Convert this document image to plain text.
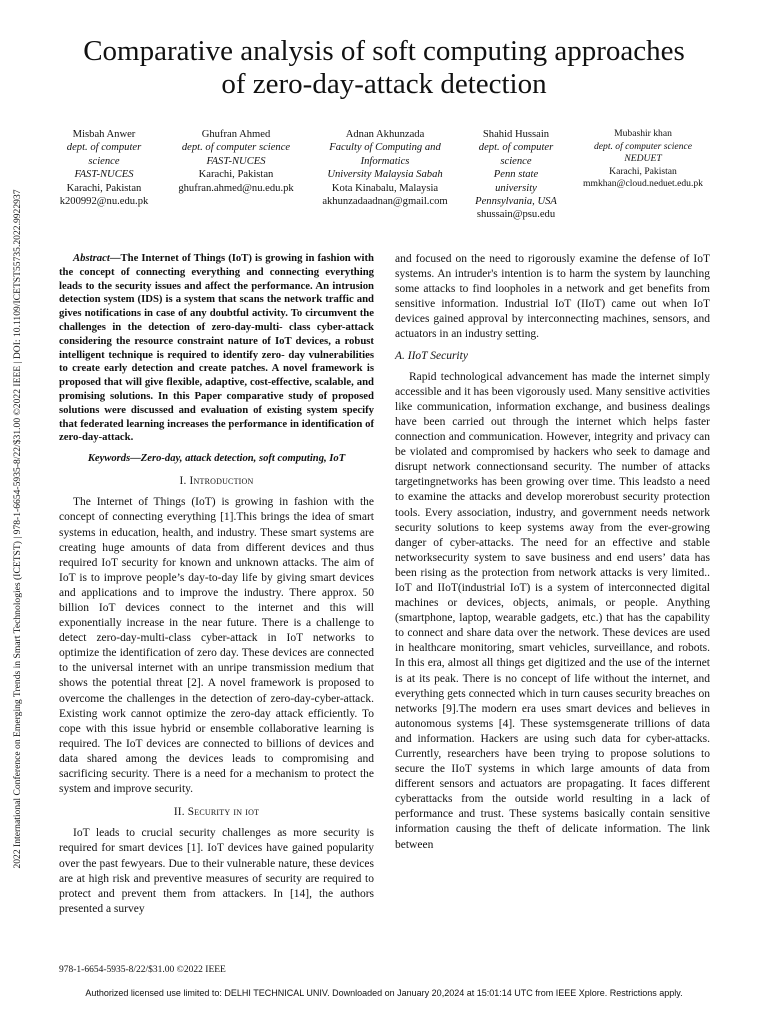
2022 International Conference on Emerging Trends in Smart Technologies (ICETST) | 978-1-6654-5935-8/22/$31.00 ©2022 IEEE | DOI: 10.1109/ICETST55735.2022.9922937
Comparative analysis of soft computing approaches
of zero-day-attack detection
Misbah Anwer
dept. of computer
science
FAST-NUCES
Karachi, Pakistan
k200992@nu.edu.pk
Ghufran Ahmed
dept. of computer science
FAST-NUCES
Karachi, Pakistan
ghufran.ahmed@nu.edu.pk
Adnan Akhunzada
Faculty of Computing and
Informatics
University Malaysia Sabah
Kota Kinabalu, Malaysia
akhunzadaadnan@gmail.com
Shahid Hussain
dept. of computer
science
Penn state
university
Pennsylvania, USA
shussain@psu.edu
Mubashir khan
dept. of computer science
NEDUET
Karachi, Pakistan
mmkhan@cloud.neduet.edu.pk

Abstract—The Internet of Things (IoT) is growing in fashion with the concept of connecting everything and connecting everything leads to the security issues and affect the performance. An intrusion detection system (IDS) is a system that scans the network traffic and gives notifications in case of any doubtful activity. To circumvent the challenges in the detection of zero-day-multi- class cyber-attack considering the resource constraint nature of IoT devices, a robust intelligent technique is required to identify zero- day vulnerabilities to create early detection and create patches. A novel framework is proposed that will give flexible, adaptive, cost-effective, scalable, and promising solutions. In this Paper comparative study of proposed solutions were discussed and evaluation of existing system specify that federated learning increases the performance in identification of zero-day-attack.

Keywords—Zero-day, attack detection, soft computing, IoT

I. Introduction

The Internet of Things (IoT) is growing in fashion with the concept of connecting everything [1].This brings the idea of smart systems in education, health, and industry. These smart systems are creating huge amounts of data from different devices and thus required IoT security for known and unknown attacks. The aim of IoT is to improve people’s day-to-day life by giving smart devices and applications and to improve the industry. There approx. 50 billion IoT devices connect to the internet and this will exponentially increase in the near future. There is a challenge to detect zero-day-multi-class cyber-attack in IoT networks to optimize the identification of zero day. These devices are connected to the universal internet with an unripe transmission medium that shows the potential threat [2]. A novel framework is proposed to overcome the challenges in the detection of zero-day-cyber-attack. Existing work cannot optimize the zero-day attack efficiently. To cope with this issue hybrid or ensemble collaborative learning is required. The IoT devices are connected to billions of devices and data shared among the devices leads to compromising and sacrificing security. There is a need for a mechanism to protect the system and improve security.

II. Security in iot

IoT leads to crucial security challenges as more security is required for smart devices [1]. IoT devices have gained popularity over the past fewyears. Due to their vulnerable nature, these devices are at high risk and preventive measures of security are required to protect and prevent them from attackers. In [14], the authors presented a survey

and focused on the need to rigorously examine the defense of IoT systems. An intruder's intention is to harm the system by launching some attacks to find loopholes in a network and get benefits from sensitive information. Industrial IoT (IIoT) came out when IoT devices gained approval by interconnecting machines, sensors, and actuators in an industry setting.

A. IIoT Security

Rapid technological advancement has made the internet simply accessible and it has been vigorously used. Many sensitive activities like communication, information exchange, and business dealings have been carried out through the internet which helps faster connection and communication. However, integrity and privacy can be violated and compromised by hackers who seek to damage and disrupt network connectionsand security. The number of attacks targetingnetworks has been growing over time. This leadsto a need to examine the attacks and develop morerobust security protection tools. Every association, industry, and government needs network security solutions to keep systems away from the ever-growing danger of cyber-attacks. The need for an effective and stable networksecurity system to save business and end users’ data has been rising as the protection from network attacks is very limited.. IoT and IIoT(industrial IoT) is a system of interconnected digital machines or devices, objects, animals, or people. Anything (smartphone, laptop, wearable gadgets, etc.) that has the capability to connect and share data over the network. These devices are used in healthcare monitoring, smart vehicles, surveillance, and robots. In this era, almost all things get digitized and the use of the internet is at its peak. There is no concept of life without the internet, and everything gets connected which in turn causes security breaches on networks [9].The modern era uses smart devices and believes in autonomous systems [4]. These systemsgenerate trillions of data and information. Hackers are using such data for cyber-attacks. Currently, researchers have been trying to propose solutions to secure the IIoT systems in which large amounts of data from different sensors and actuators are propagating. It faces different cyberattacks from the outside world resulting in a lack of performance and trust. These systems basically contain sensitive information causing the theft of delicate information. The link between

978-1-6654-5935-8/22/$31.00 ©2022 IEEE
Authorized licensed use limited to: DELHI TECHNICAL UNIV. Downloaded on January 20,2024 at 15:01:14 UTC from IEEE Xplore. Restrictions apply.
